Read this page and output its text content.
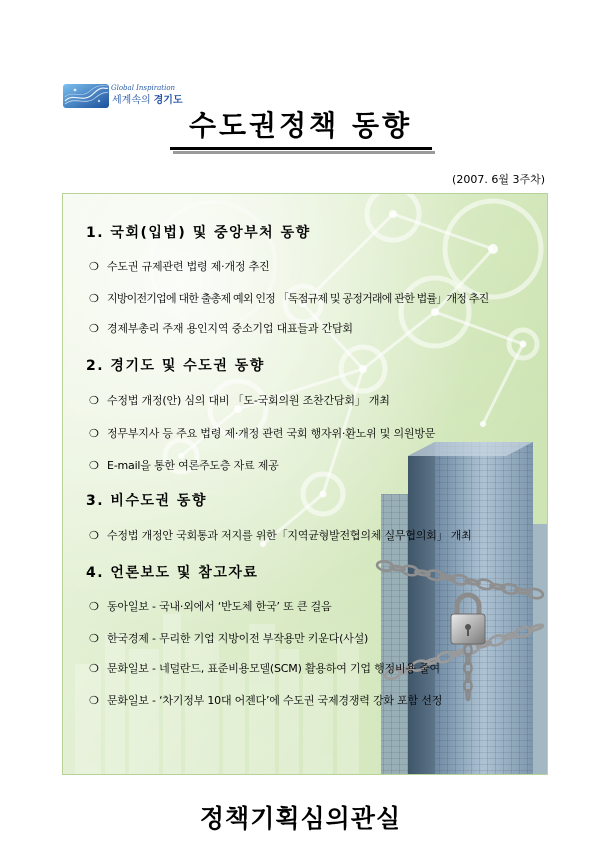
Global Inspiration
세계속의 경기도
수도권정책 동향
(2007. 6월 3주차)
1. 국회(입법) 및 중앙부처 동향
❍ 수도권 규제관련 법령 제·개정 추진
❍ 지방이전기업에 대한 출총제 예외 인정 「독점규제 및 공정거래에 관한 법률」개정 추진
❍ 경제부총리 주재 용인지역 중소기업 대표들과 간담회
2. 경기도 및 수도권 동향
❍ 수정법 개정(안) 심의 대비 「도-국회의원 조찬간담회」 개최
❍ 정무부지사 등 주요 법령 제·개정 관련 국회 행자위·환노위 및 의원방문
❍ E-mail을 통한 여론주도층 자료 제공
3. 비수도권 동향
❍ 수정법 개정안 국회통과 저지를 위한「지역균형발전협의체 실무협의회」 개최
4. 언론보도 및 참고자료
❍ 동아일보 - 국내·외에서 ‘반도체 한국’ 또 큰 걸음
❍ 한국경제 - 무리한 기업 지방이전 부작용만 키운다(사설)
❍ 문화일보 - 네덜란드, 표준비용모델(SCM) 활용하여 기업 행정비용 줄여
❍ 문화일보 - ‘차기정부 10대 어젠다’에 수도권 국제경쟁력 강화 포함 선정
정책기획심의관실
